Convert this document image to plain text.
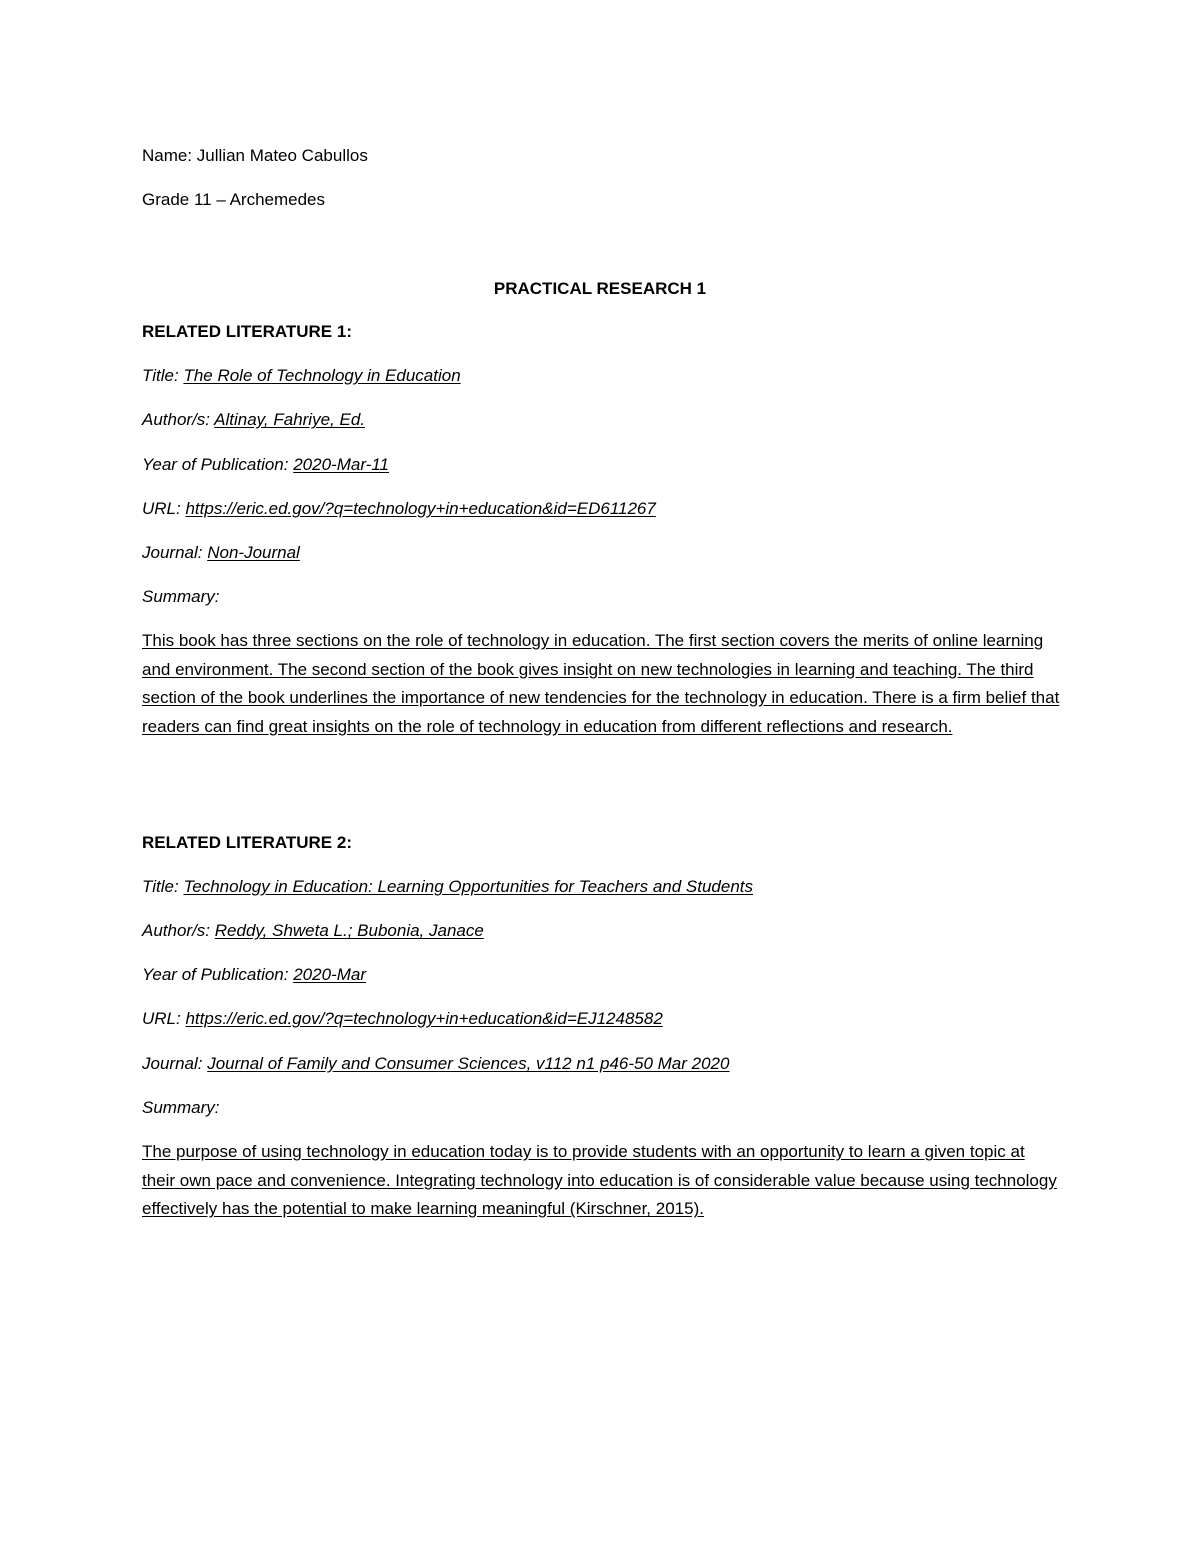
Name: Jullian Mateo Cabullos
Grade 11 – Archemedes
PRACTICAL RESEARCH 1
RELATED LITERATURE 1:
Title: The Role of Technology in Education
Author/s: Altinay, Fahriye, Ed.
Year of Publication: 2020-Mar-11
URL: https://eric.ed.gov/?q=technology+in+education&id=ED611267
Journal: Non-Journal
Summary:
This book has three sections on the role of technology in education. The first section covers the merits of online learning and environment. The second section of the book gives insight on new technologies in learning and teaching. The third section of the book underlines the importance of new tendencies for the technology in education. There is a firm belief that readers can find great insights on the role of technology in education from different reflections and research.
RELATED LITERATURE 2:
Title: Technology in Education: Learning Opportunities for Teachers and Students
Author/s: Reddy, Shweta L.; Bubonia, Janace
Year of Publication: 2020-Mar
URL: https://eric.ed.gov/?q=technology+in+education&id=EJ1248582
Journal: Journal of Family and Consumer Sciences, v112 n1 p46-50 Mar 2020
Summary:
The purpose of using technology in education today is to provide students with an opportunity to learn a given topic at their own pace and convenience. Integrating technology into education is of considerable value because using technology effectively has the potential to make learning meaningful (Kirschner, 2015).
